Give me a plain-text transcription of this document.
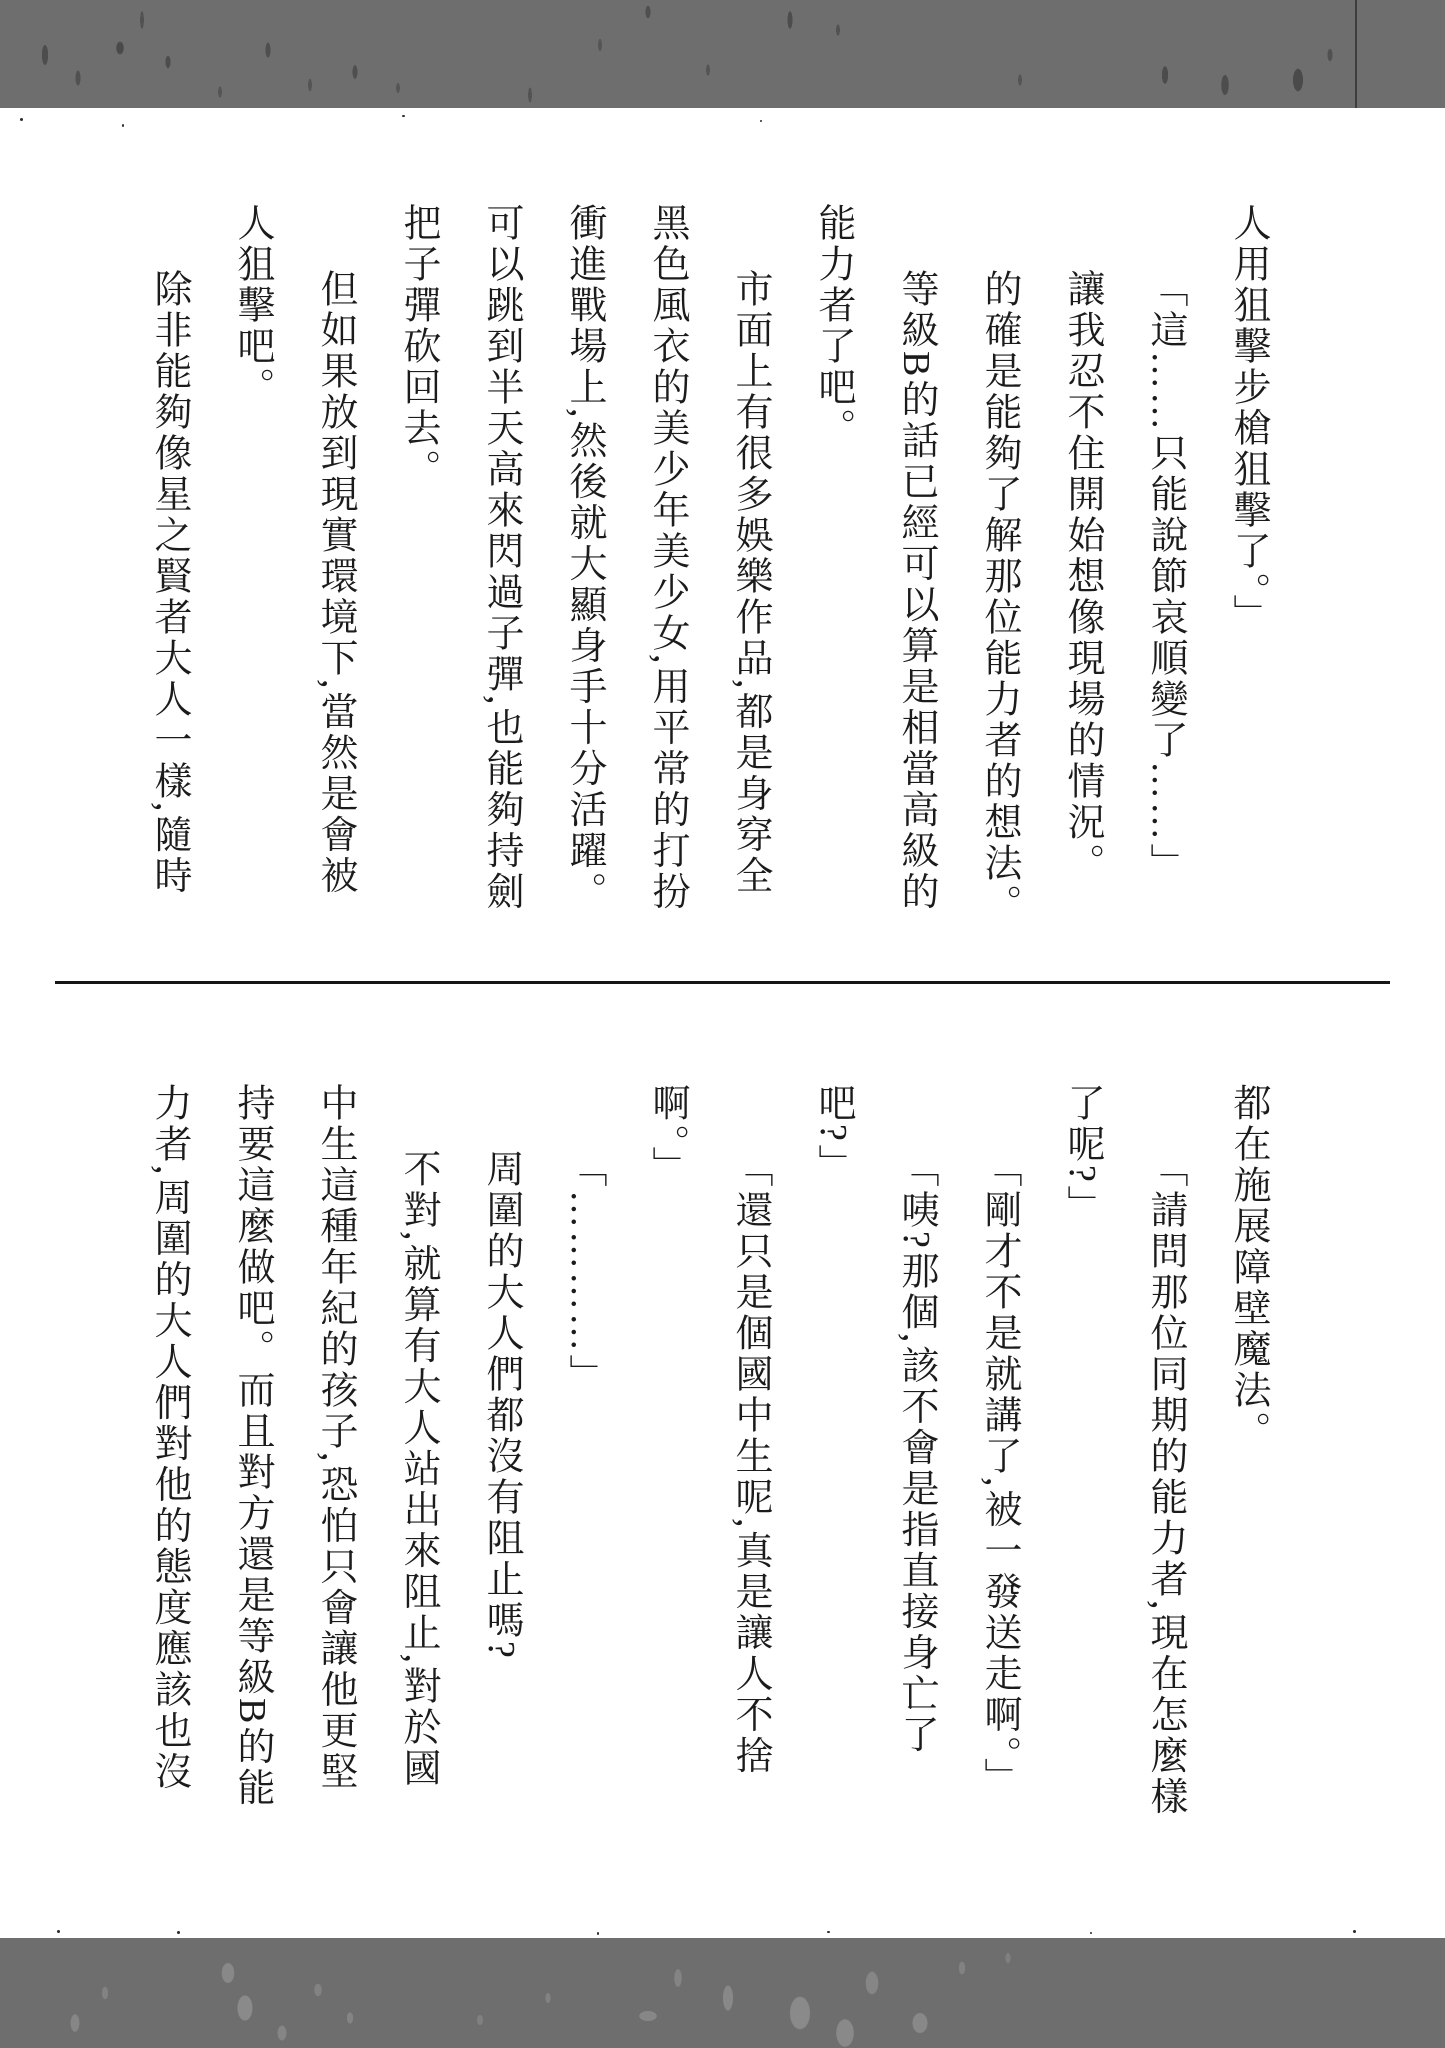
人用狙擊步槍狙擊了。」
「這……只能說節哀順變了……」
讓我忍不住開始想像現場的情況。
的確是能夠了解那位能力者的想法。
等級B的話已經可以算是相當高級的
能力者了吧。
市面上有很多娛樂作品,都是身穿全
黑色風衣的美少年美少女,用平常的打扮
衝進戰場上,然後就大顯身手十分活躍。
可以跳到半天高來閃過子彈,也能夠持劍
把子彈砍回去。
但如果放到現實環境下,當然是會被
人狙擊吧。
除非能夠像星之賢者大人一樣,隨時
都在施展障壁魔法。
「請問那位同期的能力者,現在怎麼樣
了呢?」
「剛才不是就講了,被一發送走啊。」
「咦?那個,該不會是指直接身亡了
吧?」
「還只是個國中生呢,真是讓人不捨
啊。」
「…………」
周圍的大人們都沒有阻止嗎?
不對,就算有大人站出來阻止,對於國
中生這種年紀的孩子,恐怕只會讓他更堅
持要這麼做吧。而且對方還是等級B的能
力者,周圍的大人們對他的態度應該也沒
